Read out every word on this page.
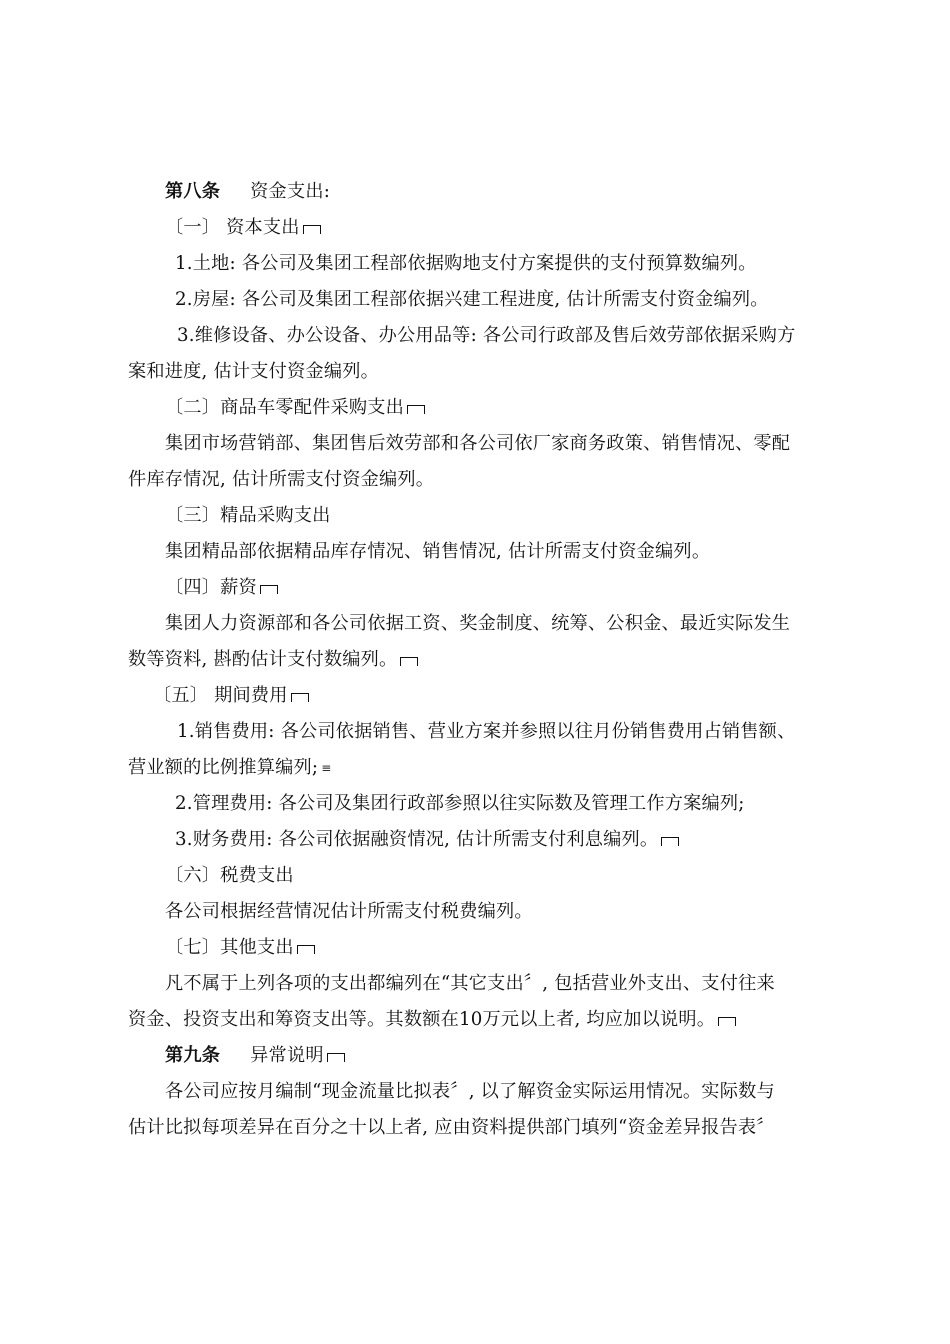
第八条 资金支出:
〔一〕 资本支出
1.土地: 各公司及集团工程部依据购地支付方案提供的支付预算数编列。
2.房屋: 各公司及集团工程部依据兴建工程进度, 估计所需支付资金编列。
3.维修设备、办公设备、办公用品等: 各公司行政部及售后效劳部依据采购方
案和进度, 估计支付资金编列。
〔二〕商品车零配件采购支出
集团市场营销部、集团售后效劳部和各公司依厂家商务政策、销售情况、零配
件库存情况, 估计所需支付资金编列。
〔三〕精品采购支出
集团精品部依据精品库存情况、销售情况, 估计所需支付资金编列。
〔四〕薪资
集团人力资源部和各公司依据工资、奖金制度、统筹、公积金、最近实际发生
数等资料, 斟酌估计支付数编列。
〔五〕 期间费用
1.销售费用: 各公司依据销售、营业方案并参照以往月份销售费用占销售额、
营业额的比例推算编列; ≡
2.管理费用: 各公司及集团行政部参照以往实际数及管理工作方案编列;
3.财务费用: 各公司依据融资情况, 估计所需支付利息编列。
〔六〕税费支出
各公司根据经营情况估计所需支付税费编列。
〔七〕其他支出
凡不属于上列各项的支出都编列在“其它支出〞, 包括营业外支出、支付往来
资金、投资支出和筹资支出等。其数额在10万元以上者, 均应加以说明。
第九条 异常说明
各公司应按月编制“现金流量比拟表〞, 以了解资金实际运用情况。实际数与
估计比拟每项差异在百分之十以上者, 应由资料提供部门填列“资金差异报告表〞
